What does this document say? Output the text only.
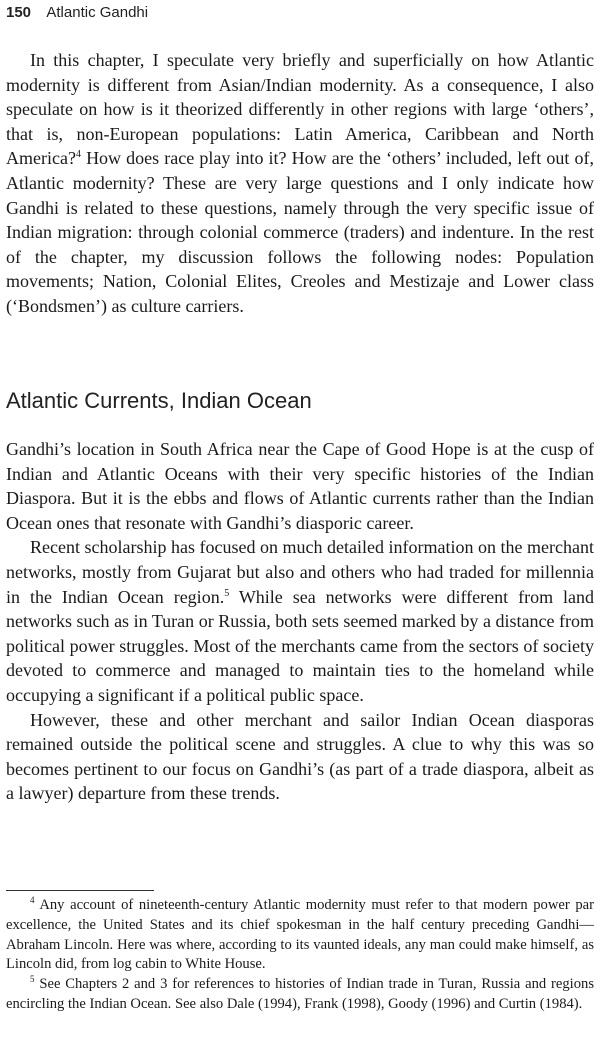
150 Atlantic Gandhi

In this chapter, I speculate very briefly and superficially on how Atlantic modernity is different from Asian/Indian modernity. As a consequence, I also speculate on how is it theorized differently in other regions with large ‘others’, that is, non-European populations: Latin America, Caribbean and North America?$^4$ How does race play into it? How are the ‘others’ included, left out of, Atlantic modernity? These are very large questions and I only indicate how Gandhi is related to these questions, namely through the very specific issue of Indian migration: through colonial commerce (traders) and indenture. In the rest of the chapter, my discussion follows the following nodes: Population movements; Nation, Colonial Elites, Creoles and Mestizaje and Lower class (‘Bondsmen’) as culture carriers.

Atlantic Currents, Indian Ocean

Gandhi’s location in South Africa near the Cape of Good Hope is at the cusp of Indian and Atlantic Oceans with their very specific histories of the Indian Diaspora. But it is the ebbs and flows of Atlantic currents rather than the Indian Ocean ones that resonate with Gandhi’s diasporic career.

Recent scholarship has focused on much detailed information on the merchant networks, mostly from Gujarat but also and others who had traded for millennia in the Indian Ocean region.$^5$ While sea networks were different from land networks such as in Turan or Russia, both sets seemed marked by a distance from political power struggles. Most of the merchants came from the sectors of society devoted to commerce and managed to maintain ties to the homeland while occupying a significant if a political public space.

However, these and other merchant and sailor Indian Ocean diasporas remained outside the political scene and struggles. A clue to why this was so becomes pertinent to our focus on Gandhi’s (as part of a trade diaspora, albeit as a lawyer) departure from these trends.

$^4$ Any account of nineteenth-century Atlantic modernity must refer to that modern power par excellence, the United States and its chief spokesman in the half century preceding Gandhi—Abraham Lincoln. Here was where, according to its vaunted ideals, any man could make himself, as Lincoln did, from log cabin to White House.

$^5$ See Chapters 2 and 3 for references to histories of Indian trade in Turan, Russia and regions encircling the Indian Ocean. See also Dale (1994), Frank (1998), Goody (1996) and Curtin (1984).
